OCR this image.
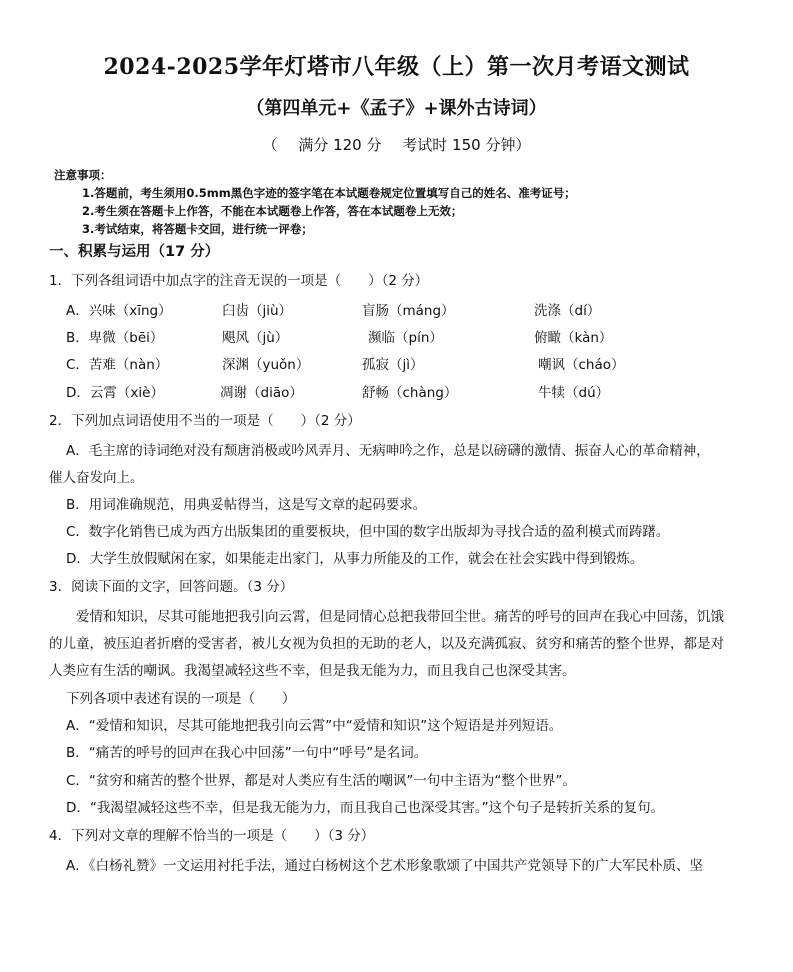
2024-2025学年灯塔市八年级（上）第一次月考语文测试
（第四单元+《孟子》+课外古诗词）
（ 满分 120 分 考试时 150 分钟）
注意事项：
1.答题前，考生须用0.5mm黑色字迹的签字笔在本试题卷规定位置填写自己的姓名、准考证号；
2.考生须在答题卡上作答，不能在本试题卷上作答，答在本试题卷上无效；
3.考试结束，将答题卡交回，进行统一评卷；
一、积累与运用（17 分）
1．下列各组词语中加点字的注音无误的一项是（　　）（2 分）
A．兴味（xīng）	臼齿（jiù）	盲肠（máng）	洗涤（dí）
B．卑微（bēi）	飓风（jù）	濒临（pín）	俯瞰（kàn）
C．苦难（nàn）	深渊（yuǒn）	孤寂（jì）	嘲讽（cháo）
D．云霄（xiè）	凋谢（diāo）	舒畅（chàng）	牛犊（dú）
2．下列加点词语使用不当的一项是（　　）（2 分）
A．毛主席的诗词绝对没有颓唐消极或吟风弄月、无病呻吟之作，总是以磅礴的激情、振奋人心的革命精神，
催人奋发向上。
B．用词准确规范，用典妥帖得当，这是写文章的起码要求。
C．数字化销售已成为西方出版集团的重要板块，但中国的数字出版却为寻找合适的盈利模式而踌躇。
D．大学生放假赋闲在家，如果能走出家门，从事力所能及的工作，就会在社会实践中得到锻炼。
3．阅读下面的文字，回答问题。（3 分）
爱情和知识，尽其可能地把我引向云霄，但是同情心总把我带回尘世。痛苦的呼号的回声在我心中回荡，饥饿
的儿童，被压迫者折磨的受害者，被儿女视为负担的无助的老人，以及充满孤寂、贫穷和痛苦的整个世界，都是对
人类应有生活的嘲讽。我渴望减轻这些不幸，但是我无能为力，而且我自己也深受其害。
下列各项中表述有误的一项是（　　）
A．“爱情和知识，尽其可能地把我引向云霄”中“爱情和知识”这个短语是并列短语。
B．“痛苦的呼号的回声在我心中回荡”一句中“呼号”是名词。
C．“贫穷和痛苦的整个世界，都是对人类应有生活的嘲讽”一句中主语为“整个世界”。
D．“我渴望减轻这些不幸，但是我无能为力，而且我自己也深受其害。”这个句子是转折关系的复句。
4．下列对文章的理解不恰当的一项是（　　）（3 分）
A．《白杨礼赞》一文运用衬托手法，通过白杨树这个艺术形象歌颂了中国共产党领导下的广大军民朴质、坚
